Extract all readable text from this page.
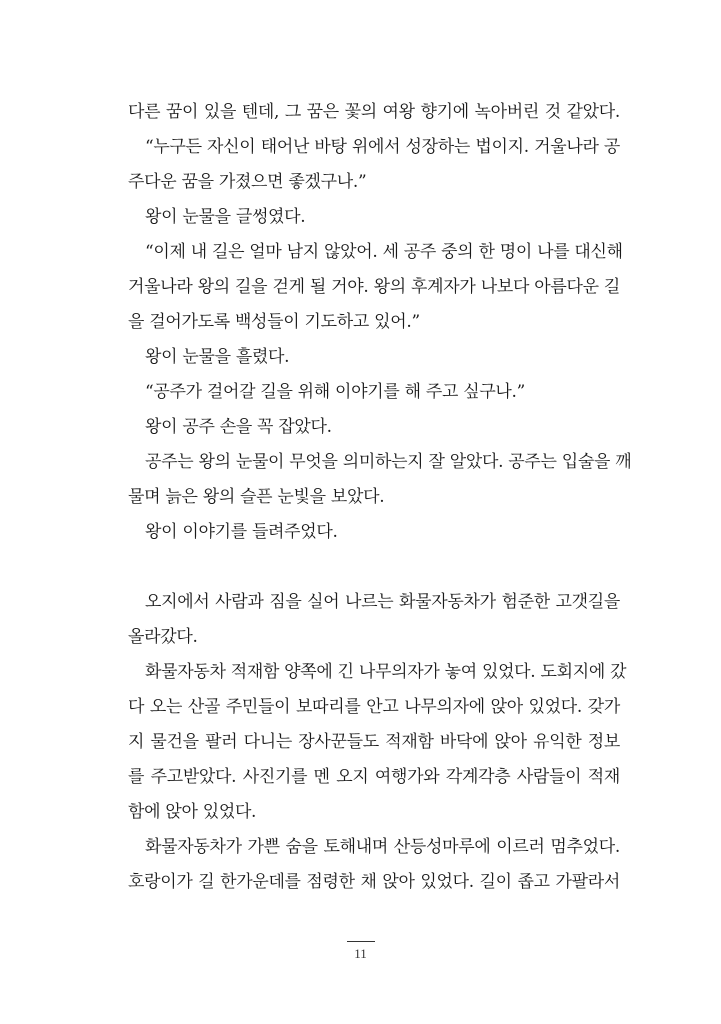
다른 꿈이 있을 텐데, 그 꿈은 꽃의 여왕 향기에 녹아버린 것 같았다.
“누구든 자신이 태어난 바탕 위에서 성장하는 법이지. 거울나라 공
주다운 꿈을 가졌으면 좋겠구나.”
왕이 눈물을 글썽였다.
“이제 내 길은 얼마 남지 않았어. 세 공주 중의 한 명이 나를 대신해
거울나라 왕의 길을 걷게 될 거야. 왕의 후계자가 나보다 아름다운 길
을 걸어가도록 백성들이 기도하고 있어.”
왕이 눈물을 흘렸다.
“공주가 걸어갈 길을 위해 이야기를 해 주고 싶구나.”
왕이 공주 손을 꼭 잡았다.
공주는 왕의 눈물이 무엇을 의미하는지 잘 알았다. 공주는 입술을 깨
물며 늙은 왕의 슬픈 눈빛을 보았다.
왕이 이야기를 들려주었다.
오지에서 사람과 짐을 실어 나르는 화물자동차가 험준한 고갯길을
올라갔다.
화물자동차 적재함 양쪽에 긴 나무의자가 놓여 있었다. 도회지에 갔
다 오는 산골 주민들이 보따리를 안고 나무의자에 앉아 있었다. 갖가
지 물건을 팔러 다니는 장사꾼들도 적재함 바닥에 앉아 유익한 정보
를 주고받았다. 사진기를 멘 오지 여행가와 각계각층 사람들이 적재
함에 앉아 있었다.
화물자동차가 가쁜 숨을 토해내며 산등성마루에 이르러 멈추었다.
호랑이가 길 한가운데를 점령한 채 앉아 있었다. 길이 좁고 가팔라서
11
